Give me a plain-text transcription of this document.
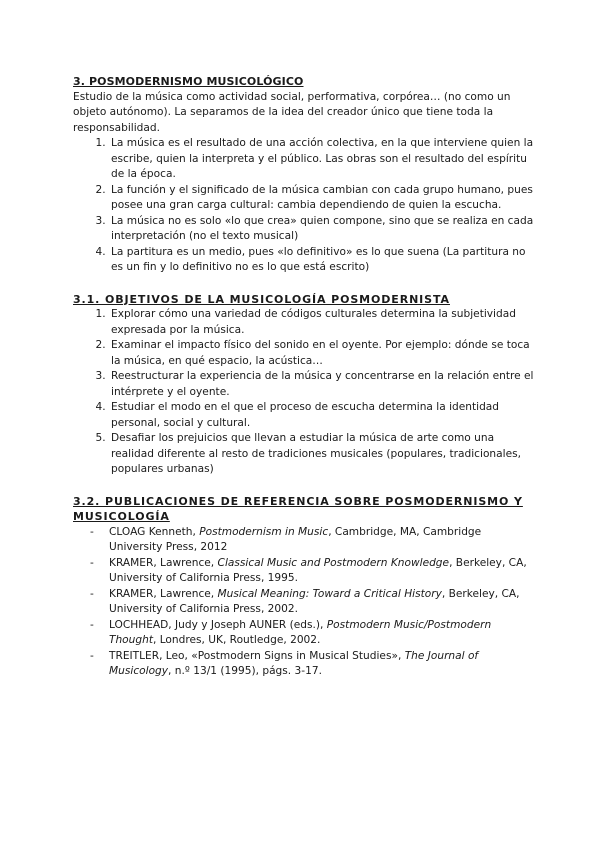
3. POSMODERNISMO MUSICOLÓGICO

Estudio de la música como actividad social, performativa, corpórea… (no como un objeto autónomo). La separamos de la idea del creador único que tiene toda la responsabilidad.

1. La música es el resultado de una acción colectiva, en la que interviene quien la escribe, quien la interpreta y el público. Las obras son el resultado del espíritu de la época.
2. La función y el significado de la música cambian con cada grupo humano, pues posee una gran carga cultural: cambia dependiendo de quien la escucha.
3. La música no es solo «lo que crea» quien compone, sino que se realiza en cada interpretación (no el texto musical)
4. La partitura es un medio, pues «lo definitivo» es lo que suena (La partitura no es un fin y lo definitivo no es lo que está escrito)
3.1. OBJETIVOS DE LA MUSICOLOGÍA POSMODERNISTA
1. Explorar cómo una variedad de códigos culturales determina la subjetividad expresada por la música.
2. Examinar el impacto físico del sonido en el oyente. Por ejemplo: dónde se toca la música, en qué espacio, la acústica…
3. Reestructurar la experiencia de la música y concentrarse en la relación entre el intérprete y el oyente.
4. Estudiar el modo en el que el proceso de escucha determina la identidad personal, social y cultural.
5. Desafiar los prejuicios que llevan a estudiar la música de arte como una realidad diferente al resto de tradiciones musicales (populares, tradicionales, populares urbanas)
3.2. PUBLICACIONES DE REFERENCIA SOBRE POSMODERNISMO Y MUSICOLOGÍA
- CLOAG Kenneth, Postmodernism in Music, Cambridge, MA, Cambridge University Press, 2012
- KRAMER, Lawrence, Classical Music and Postmodern Knowledge, Berkeley, CA, University of California Press, 1995.
- KRAMER, Lawrence, Musical Meaning: Toward a Critical History, Berkeley, CA, University of California Press, 2002.
- LOCHHEAD, Judy y Joseph AUNER (eds.), Postmodern Music/Postmodern Thought, Londres, UK, Routledge, 2002.
- TREITLER, Leo, «Postmodern Signs in Musical Studies», The Journal of Musicology, n.º 13/1 (1995), págs. 3-17.
